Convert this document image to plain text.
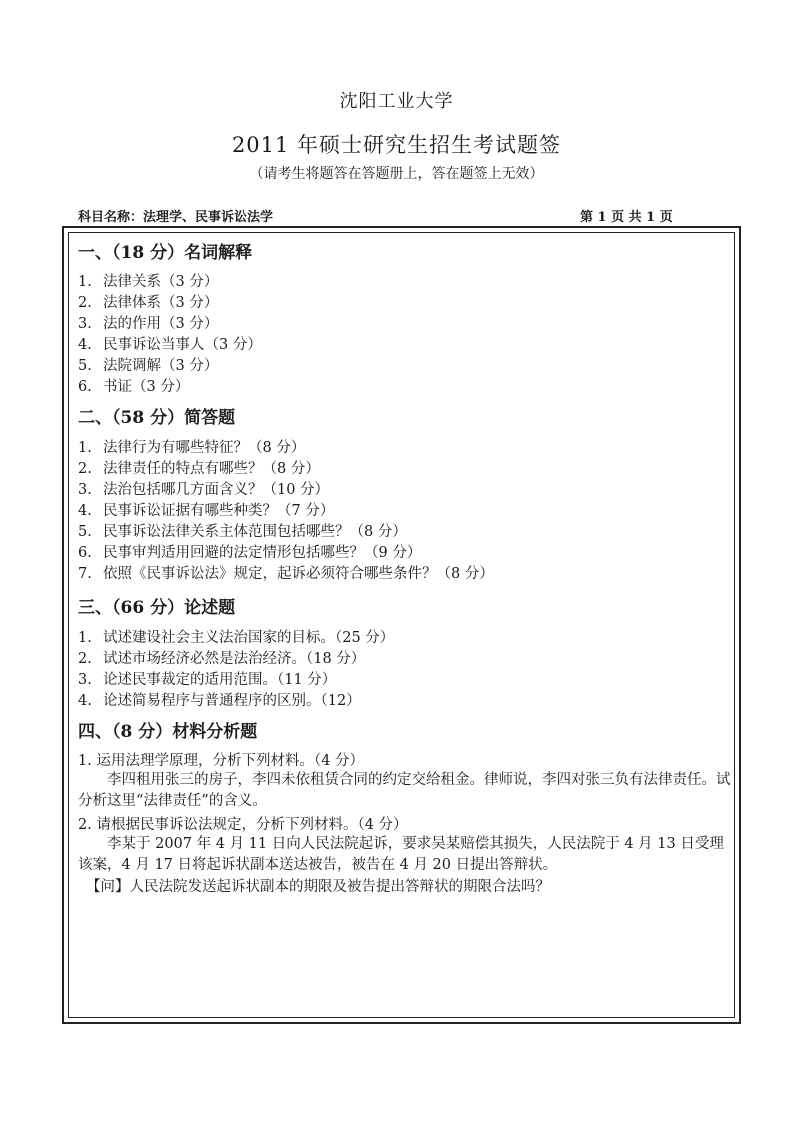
沈阳工业大学
2011 年硕士研究生招生考试题签
（请考生将题答在答题册上，答在题签上无效）
科目名称：法理学、民事诉讼法学	第 1 页 共 1 页
一、（18 分）名词解释
1. 法律关系（3 分）
2. 法律体系（3 分）
3. 法的作用（3 分）
4. 民事诉讼当事人（3 分）
5. 法院调解（3 分）
6. 书证（3 分）
二、（58 分）简答题
1. 法律行为有哪些特征？（8 分）
2. 法律责任的特点有哪些？（8 分）
3. 法治包括哪几方面含义？（10 分）
4. 民事诉讼证据有哪些种类？（7 分）
5. 民事诉讼法律关系主体范围包括哪些？（8 分）
6. 民事审判适用回避的法定情形包括哪些？（9 分）
7. 依照《民事诉讼法》规定，起诉必须符合哪些条件？（8 分）
三、（66 分）论述题
1. 试述建设社会主义法治国家的目标。（25 分）
2. 试述市场经济必然是法治经济。（18 分）
3. 论述民事裁定的适用范围。（11 分）
4. 论述简易程序与普通程序的区别。（12）
四、（8 分）材料分析题
1. 运用法理学原理，分析下列材料。（4 分）
李四租用张三的房子，李四未依租赁合同的约定交给租金。律师说，李四对张三负有法律责任。试分析这里“法律责任”的含义。
2. 请根据民事诉讼法规定，分析下列材料。（4 分）
李某于 2007 年 4 月 11 日向人民法院起诉，要求吴某赔偿其损失，人民法院于 4 月 13 日受理该案，4 月 17 日将起诉状副本送达被告，被告在 4 月 20 日提出答辩状。
【问】人民法院发送起诉状副本的期限及被告提出答辩状的期限合法吗？
